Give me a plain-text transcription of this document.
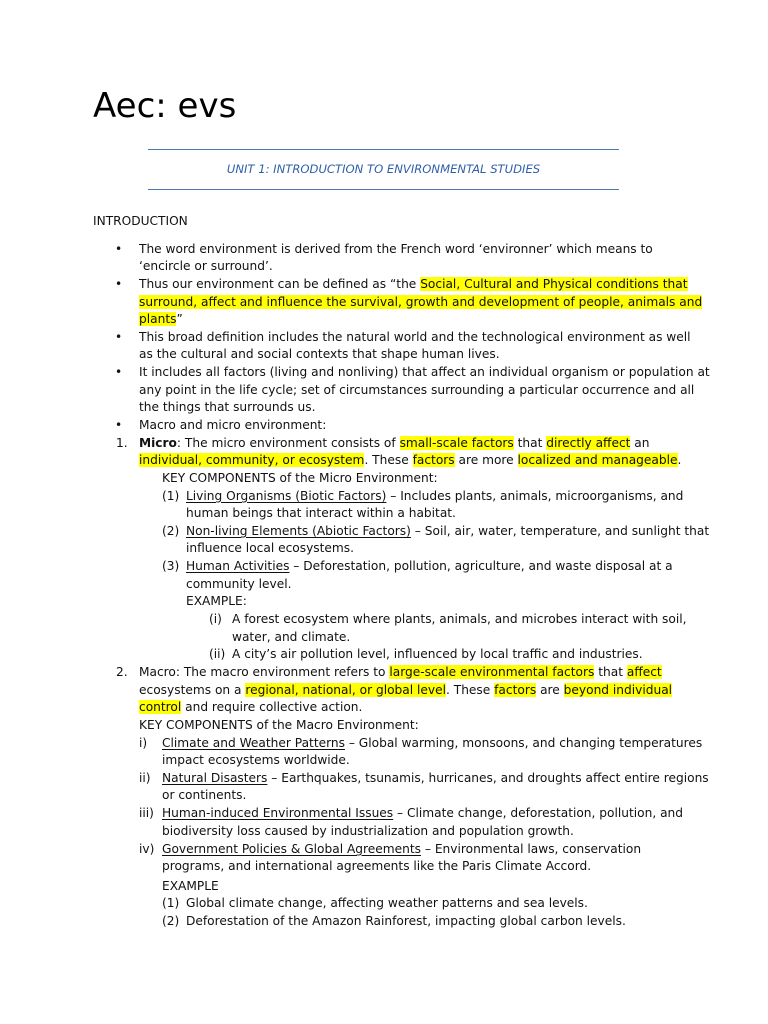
Aec: evs
UNIT 1: INTRODUCTION TO ENVIRONMENTAL STUDIES
INTRODUCTION
• The word environment is derived from the French word ‘environner’ which means to
‘encircle or surround’.
• Thus our environment can be defined as “the Social, Cultural and Physical conditions that
surround, affect and influence the survival, growth and development of people, animals and
plants”
• This broad definition includes the natural world and the technological environment as well
as the cultural and social contexts that shape human lives.
• It includes all factors (living and nonliving) that affect an individual organism or population at
any point in the life cycle; set of circumstances surrounding a particular occurrence and all
the things that surrounds us.
• Macro and micro environment:
1. Micro: The micro environment consists of small-scale factors that directly affect an
individual, community, or ecosystem. These factors are more localized and manageable.
KEY COMPONENTS of the Micro Environment:
(1) Living Organisms (Biotic Factors) – Includes plants, animals, microorganisms, and
human beings that interact within a habitat.
(2) Non-living Elements (Abiotic Factors) – Soil, air, water, temperature, and sunlight that
influence local ecosystems.
(3) Human Activities – Deforestation, pollution, agriculture, and waste disposal at a
community level.
EXAMPLE:
(i) A forest ecosystem where plants, animals, and microbes interact with soil,
water, and climate.
(ii) A city’s air pollution level, influenced by local traffic and industries.
2. Macro: The macro environment refers to large-scale environmental factors that affect
ecosystems on a regional, national, or global level. These factors are beyond individual
control and require collective action.
KEY COMPONENTS of the Macro Environment:
i) Climate and Weather Patterns – Global warming, monsoons, and changing temperatures
impact ecosystems worldwide.
ii) Natural Disasters – Earthquakes, tsunamis, hurricanes, and droughts affect entire regions
or continents.
iii) Human-induced Environmental Issues – Climate change, deforestation, pollution, and
biodiversity loss caused by industrialization and population growth.
iv) Government Policies & Global Agreements – Environmental laws, conservation
programs, and international agreements like the Paris Climate Accord.
EXAMPLE
(1) Global climate change, affecting weather patterns and sea levels.
(2) Deforestation of the Amazon Rainforest, impacting global carbon levels.
